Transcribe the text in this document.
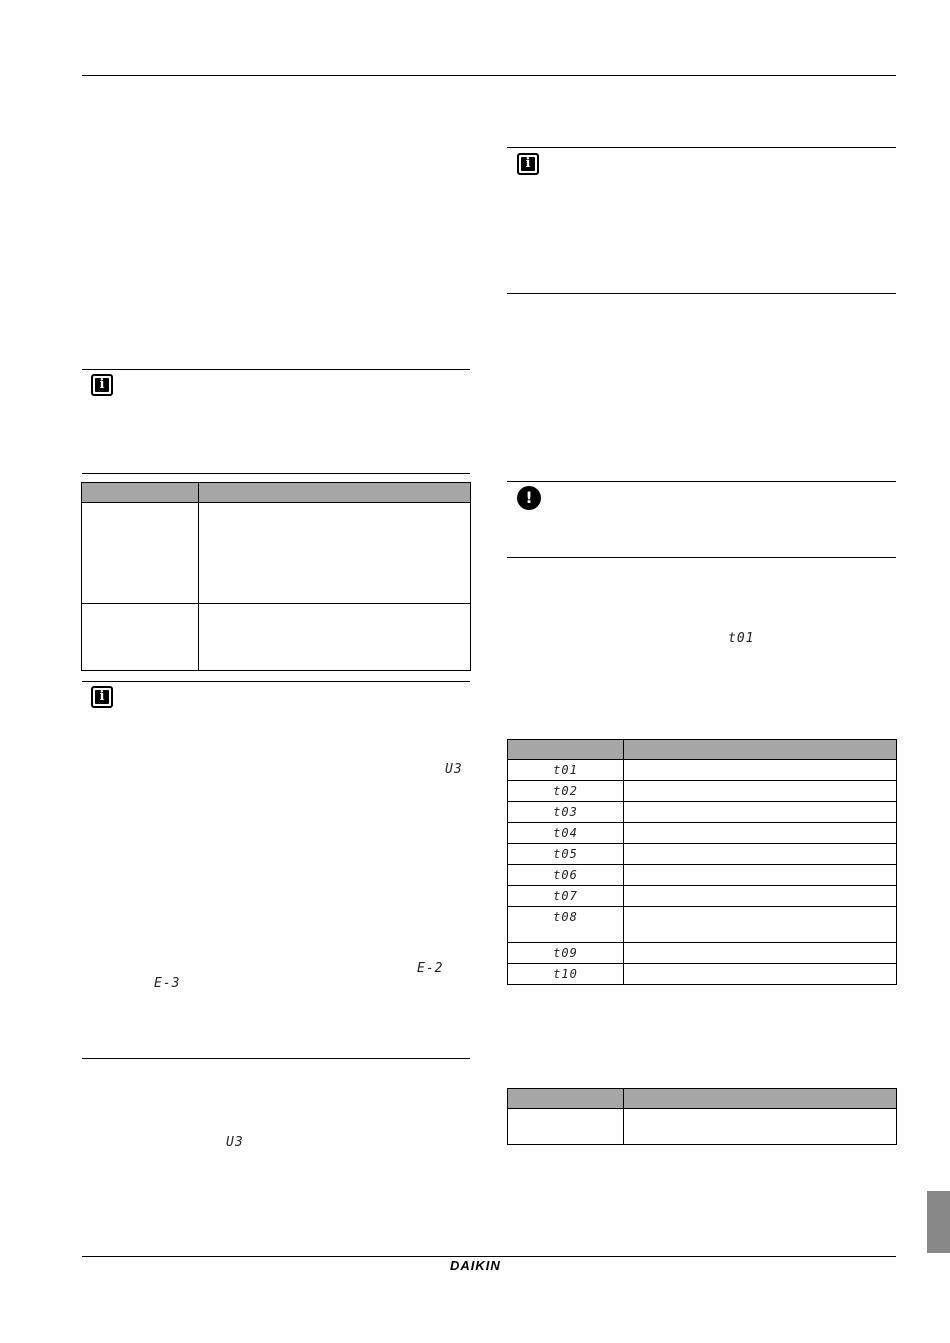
i

i
U3
E-2
E-3
U3
i
!
t01

t01	
t02	
t03	
t04	
t05	
t06	
t07	
t08	
t09	
t10	

DAIKIN
